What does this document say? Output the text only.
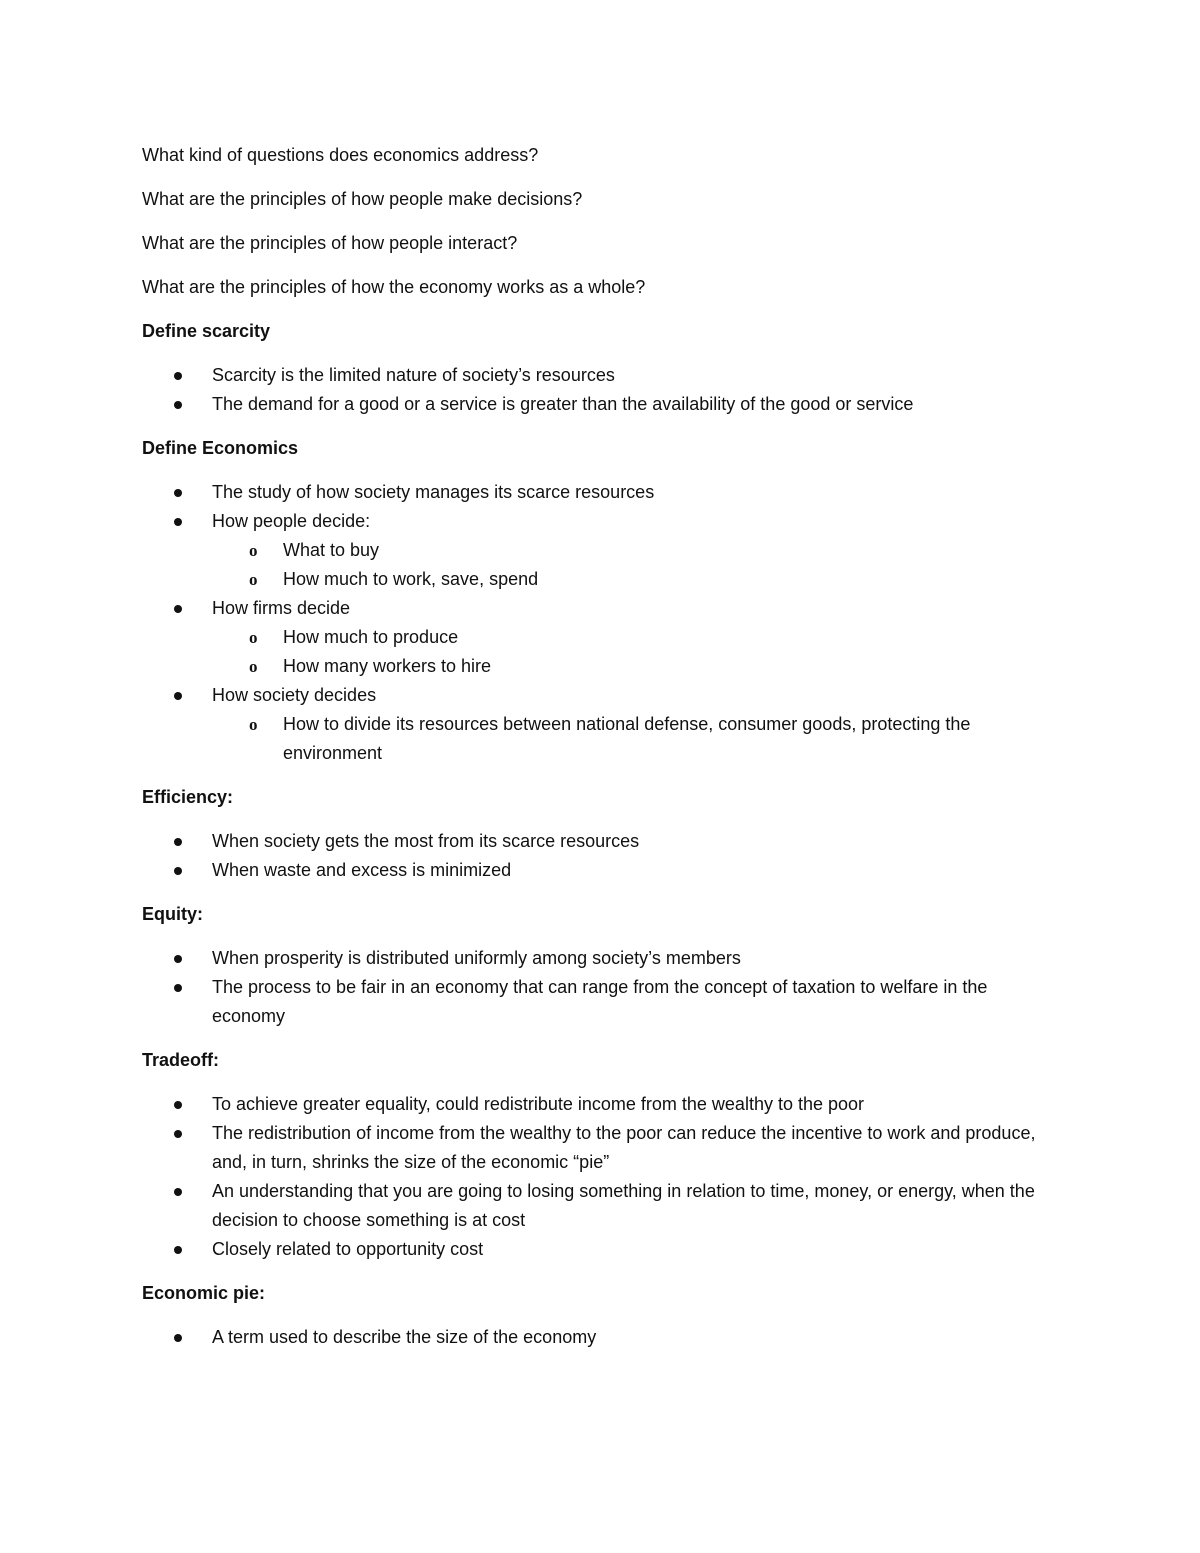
What kind of questions does economics address?

What are the principles of how people make decisions?

What are the principles of how people interact?

What are the principles of how the economy works as a whole?

Define scarcity

Scarcity is the limited nature of society’s resources
The demand for a good or a service is greater than the availability of the good or service

Define Economics

The study of how society manages its scarce resources
How people decide:
o What to buy
o How much to work, save, spend
How firms decide
o How much to produce
o How many workers to hire
How society decides
o How to divide its resources between national defense, consumer goods, protecting the environment

Efficiency:

When society gets the most from its scarce resources
When waste and excess is minimized

Equity:

When prosperity is distributed uniformly among society’s members
The process to be fair in an economy that can range from the concept of taxation to welfare in the economy

Tradeoff:

To achieve greater equality, could redistribute income from the wealthy to the poor
The redistribution of income from the wealthy to the poor can reduce the incentive to work and produce, and, in turn, shrinks the size of the economic “pie”
An understanding that you are going to losing something in relation to time, money, or energy, when the decision to choose something is at cost
Closely related to opportunity cost

Economic pie:

A term used to describe the size of the economy
